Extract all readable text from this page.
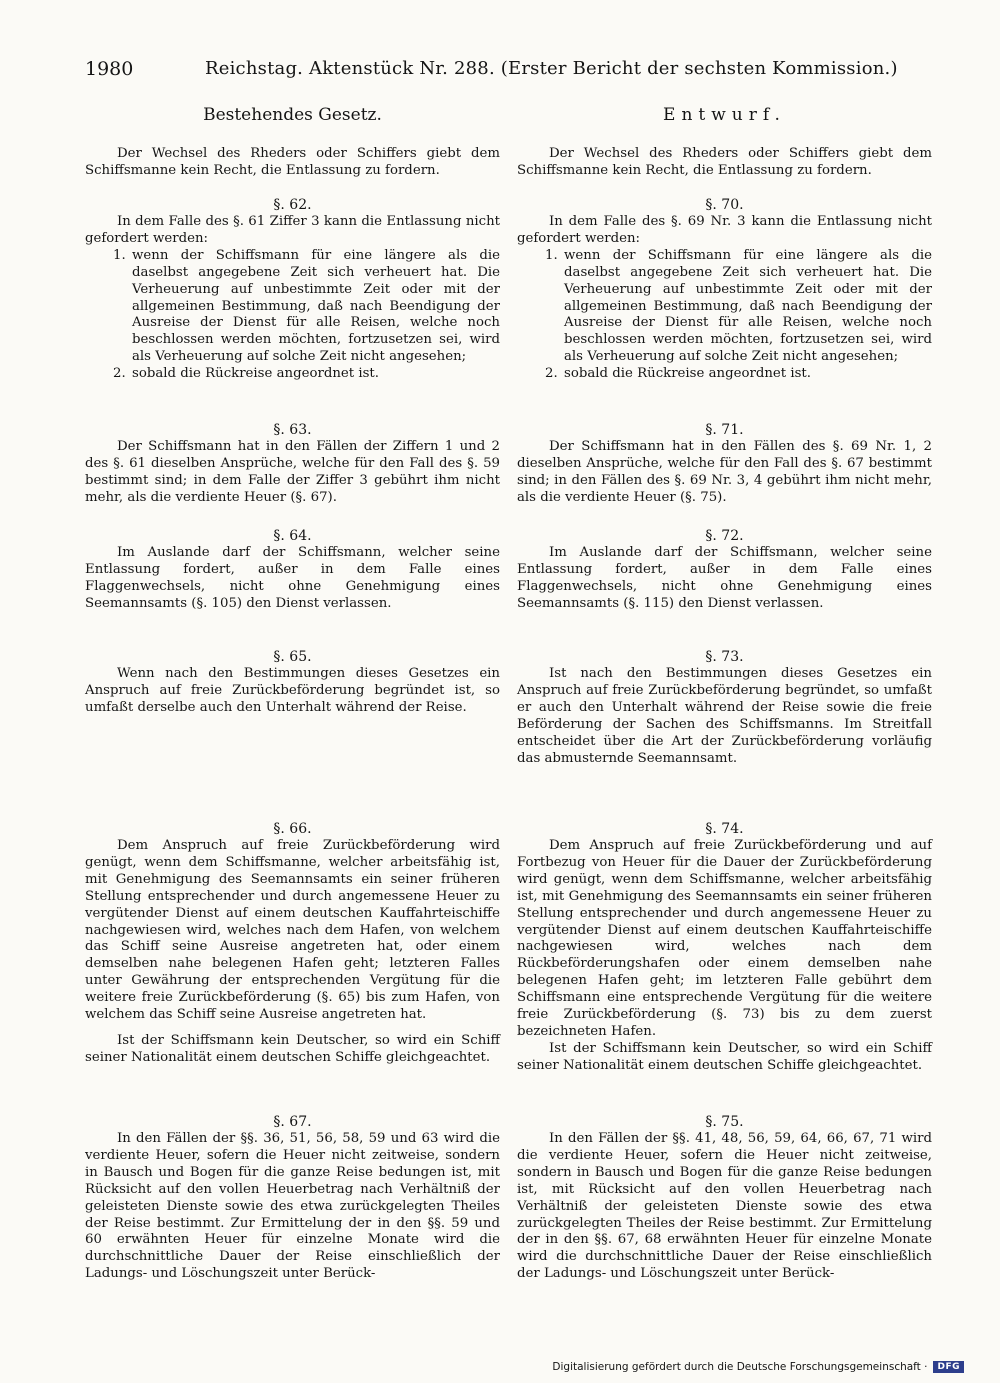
1980	Reichstag. Aktenstück Nr. 288. (Erster Bericht der sechsten Kommission.)
Bestehendes Gesetz.

Der Wechsel des Rheders oder Schiffers giebt dem Schiffsmanne kein Recht, die Entlassung zu fordern.

§. 62.

In dem Falle des §. 61 Ziffer 3 kann die Entlassung nicht gefordert werden:

1. wenn der Schiffsmann für eine längere als die daselbst angegebene Zeit sich verheuert hat. Die Verheuerung auf unbestimmte Zeit oder mit der allgemeinen Bestimmung, daß nach Beendigung der Ausreise der Dienst für alle Reisen, welche noch beschlossen werden möchten, fortzusetzen sei, wird als Verheuerung auf solche Zeit nicht angesehen;
2. sobald die Rückreise angeordnet ist.

§. 63.

Der Schiffsmann hat in den Fällen der Ziffern 1 und 2 des §. 61 dieselben Ansprüche, welche für den Fall des §. 59 bestimmt sind; in dem Falle der Ziffer 3 gebührt ihm nicht mehr, als die verdiente Heuer (§. 67).

§. 64.

Im Auslande darf der Schiffsmann, welcher seine Entlassung fordert, außer in dem Falle eines Flaggenwechsels, nicht ohne Genehmigung eines Seemannsamts (§. 105) den Dienst verlassen.

§. 65.

Wenn nach den Bestimmungen dieses Gesetzes ein Anspruch auf freie Zurückbeförderung begründet ist, so umfaßt derselbe auch den Unterhalt während der Reise.

§. 66.

Dem Anspruch auf freie Zurückbeförderung wird genügt, wenn dem Schiffsmanne, welcher arbeitsfähig ist, mit Genehmigung des Seemannsamts ein seiner früheren Stellung entsprechender und durch angemessene Heuer zu vergütender Dienst auf einem deutschen Kauffahrteischiffe nachgewiesen wird, welches nach dem Hafen, von welchem das Schiff seine Ausreise angetreten hat, oder einem demselben nahe belegenen Hafen geht; letzteren Falles unter Gewährung der entsprechenden Vergütung für die weitere freie Zurückbeförderung (§. 65) bis zum Hafen, von welchem das Schiff seine Ausreise angetreten hat.

Ist der Schiffsmann kein Deutscher, so wird ein Schiff seiner Nationalität einem deutschen Schiffe gleichgeachtet.

§. 67.

In den Fällen der §§. 36, 51, 56, 58, 59 und 63 wird die verdiente Heuer, sofern die Heuer nicht zeitweise, sondern in Bausch und Bogen für die ganze Reise bedungen ist, mit Rücksicht auf den vollen Heuerbetrag nach Verhältniß der geleisteten Dienste sowie des etwa zurückgelegten Theiles der Reise bestimmt. Zur Ermittelung der in den §§. 59 und 60 erwähnten Heuer für einzelne Monate wird die durchschnittliche Dauer der Reise einschließlich der Ladungs- und Löschungszeit unter Berück-

Entwurf.

Der Wechsel des Rheders oder Schiffers giebt dem Schiffsmanne kein Recht, die Entlassung zu fordern.

§. 70.

In dem Falle des §. 69 Nr. 3 kann die Entlassung nicht gefordert werden:

1. wenn der Schiffsmann für eine längere als die daselbst angegebene Zeit sich verheuert hat. Die Verheuerung auf unbestimmte Zeit oder mit der allgemeinen Bestimmung, daß nach Beendigung der Ausreise der Dienst für alle Reisen, welche noch beschlossen werden möchten, fortzusetzen sei, wird als Verheuerung auf solche Zeit nicht angesehen;
2. sobald die Rückreise angeordnet ist.

§. 71.

Der Schiffsmann hat in den Fällen des §. 69 Nr. 1, 2 dieselben Ansprüche, welche für den Fall des §. 67 bestimmt sind; in den Fällen des §. 69 Nr. 3, 4 gebührt ihm nicht mehr, als die verdiente Heuer (§. 75).

§. 72.

Im Auslande darf der Schiffsmann, welcher seine Entlassung fordert, außer in dem Falle eines Flaggenwechsels, nicht ohne Genehmigung eines Seemannsamts (§. 115) den Dienst verlassen.

§. 73.

Ist nach den Bestimmungen dieses Gesetzes ein Anspruch auf freie Zurückbeförderung begründet, so umfaßt er auch den Unterhalt während der Reise sowie die freie Beförderung der Sachen des Schiffsmanns. Im Streitfall entscheidet über die Art der Zurückbeförderung vorläufig das abmusternde Seemannsamt.

§. 74.

Dem Anspruch auf freie Zurückbeförderung und auf Fortbezug von Heuer für die Dauer der Zurückbeförderung wird genügt, wenn dem Schiffsmanne, welcher arbeitsfähig ist, mit Genehmigung des Seemannsamts ein seiner früheren Stellung entsprechender und durch angemessene Heuer zu vergütender Dienst auf einem deutschen Kauffahrteischiffe nachgewiesen wird, welches nach dem Rückbeförderungshafen oder einem demselben nahe belegenen Hafen geht; im letzteren Falle gebührt dem Schiffsmann eine entsprechende Vergütung für die weitere freie Zurückbeförderung (§. 73) bis zu dem zuerst bezeichneten Hafen.

Ist der Schiffsmann kein Deutscher, so wird ein Schiff seiner Nationalität einem deutschen Schiffe gleichgeachtet.

§. 75.

In den Fällen der §§. 41, 48, 56, 59, 64, 66, 67, 71 wird die verdiente Heuer, sofern die Heuer nicht zeitweise, sondern in Bausch und Bogen für die ganze Reise bedungen ist, mit Rücksicht auf den vollen Heuerbetrag nach Verhältniß der geleisteten Dienste sowie des etwa zurückgelegten Theiles der Reise bestimmt. Zur Ermittelung der in den §§. 67, 68 erwähnten Heuer für einzelne Monate wird die durchschnittliche Dauer der Reise einschließlich der Ladungs- und Löschungszeit unter Berück-

Digitalisierung gefördert durch die Deutsche Forschungsgemeinschaft ·	DFG
